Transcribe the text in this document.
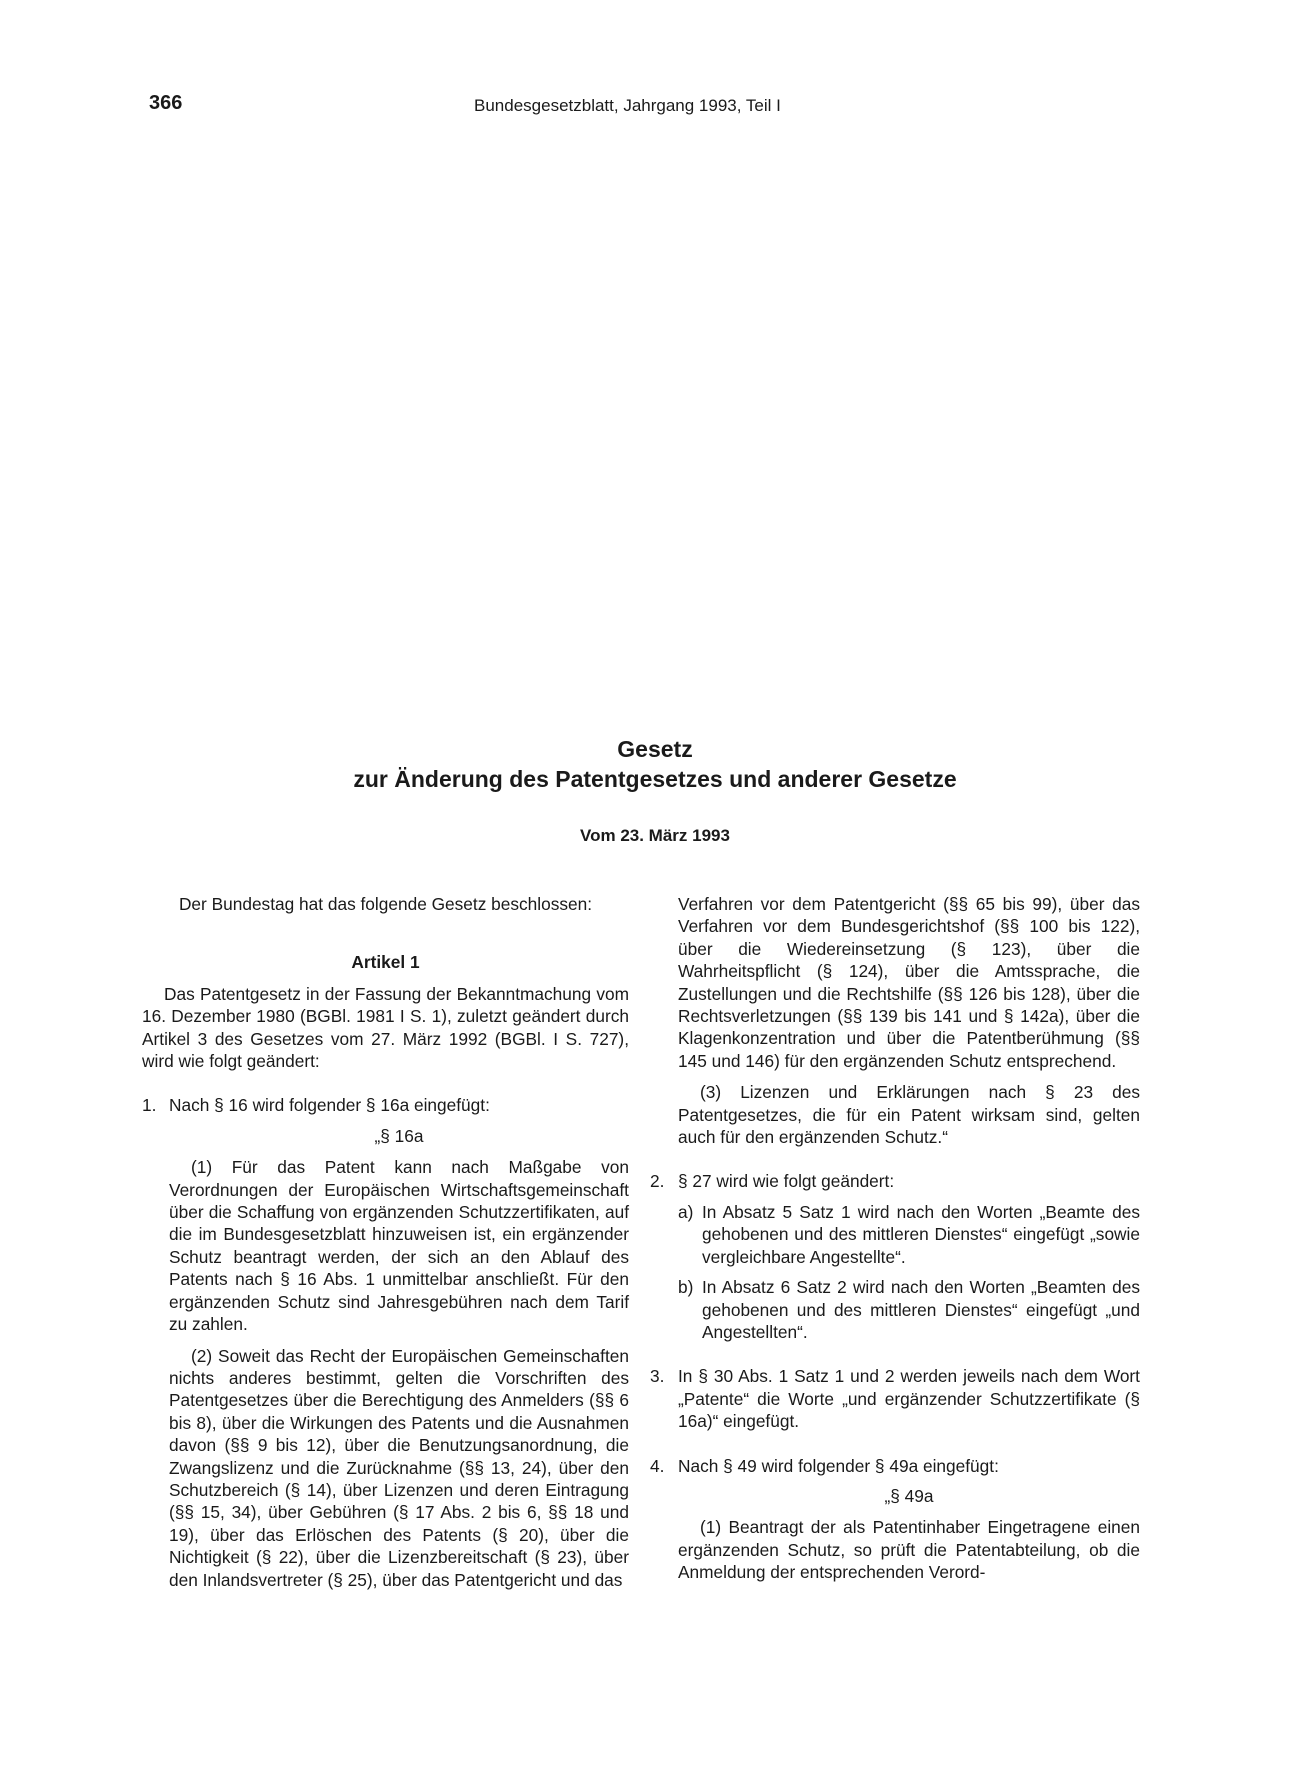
366	Bundesgesetzblatt, Jahrgang 1993, Teil I
Gesetz
zur Änderung des Patentgesetzes und anderer Gesetze
Vom 23. März 1993

Der Bundestag hat das folgende Gesetz beschlossen:

Artikel 1

Das Patentgesetz in der Fassung der Bekanntmachung vom 16. Dezember 1980 (BGBl. 1981 I S. 1), zuletzt geändert durch Artikel 3 des Gesetzes vom 27. März 1992 (BGBl. I S. 727), wird wie folgt geändert:

1. Nach § 16 wird folgender § 16a eingefügt:

„§ 16a

(1) Für das Patent kann nach Maßgabe von Verordnungen der Europäischen Wirtschaftsgemeinschaft über die Schaffung von ergänzenden Schutzzertifikaten, auf die im Bundesgesetzblatt hinzuweisen ist, ein ergänzender Schutz beantragt werden, der sich an den Ablauf des Patents nach § 16 Abs. 1 unmittelbar anschließt. Für den ergänzenden Schutz sind Jahresgebühren nach dem Tarif zu zahlen.

(2) Soweit das Recht der Europäischen Gemeinschaften nichts anderes bestimmt, gelten die Vorschriften des Patentgesetzes über die Berechtigung des Anmelders (§§ 6 bis 8), über die Wirkungen des Patents und die Ausnahmen davon (§§ 9 bis 12), über die Benutzungsanordnung, die Zwangslizenz und die Zurücknahme (§§ 13, 24), über den Schutzbereich (§ 14), über Lizenzen und deren Eintragung (§§ 15, 34), über Gebühren (§ 17 Abs. 2 bis 6, §§ 18 und 19), über das Erlöschen des Patents (§ 20), über die Nichtigkeit (§ 22), über die Lizenzbereitschaft (§ 23), über den Inlandsvertreter (§ 25), über das Patentgericht und das

Verfahren vor dem Patentgericht (§§ 65 bis 99), über das Verfahren vor dem Bundesgerichtshof (§§ 100 bis 122), über die Wiedereinsetzung (§ 123), über die Wahrheitspflicht (§ 124), über die Amtssprache, die Zustellungen und die Rechtshilfe (§§ 126 bis 128), über die Rechtsverletzungen (§§ 139 bis 141 und § 142a), über die Klagenkonzentration und über die Patentberühmung (§§ 145 und 146) für den ergänzenden Schutz entsprechend.

(3) Lizenzen und Erklärungen nach § 23 des Patentgesetzes, die für ein Patent wirksam sind, gelten auch für den ergänzenden Schutz.“

2. § 27 wird wie folgt geändert:
a) In Absatz 5 Satz 1 wird nach den Worten „Beamte des gehobenen und des mittleren Dienstes“ eingefügt „sowie vergleichbare Angestellte“.
b) In Absatz 6 Satz 2 wird nach den Worten „Beamten des gehobenen und des mittleren Dienstes“ eingefügt „und Angestellten“.
3. In § 30 Abs. 1 Satz 1 und 2 werden jeweils nach dem Wort „Patente“ die Worte „und ergänzender Schutzzertifikate (§ 16a)“ eingefügt.
4. Nach § 49 wird folgender § 49a eingefügt:

„§ 49a

(1) Beantragt der als Patentinhaber Eingetragene einen ergänzenden Schutz, so prüft die Patentabteilung, ob die Anmeldung der entsprechenden Verord-
